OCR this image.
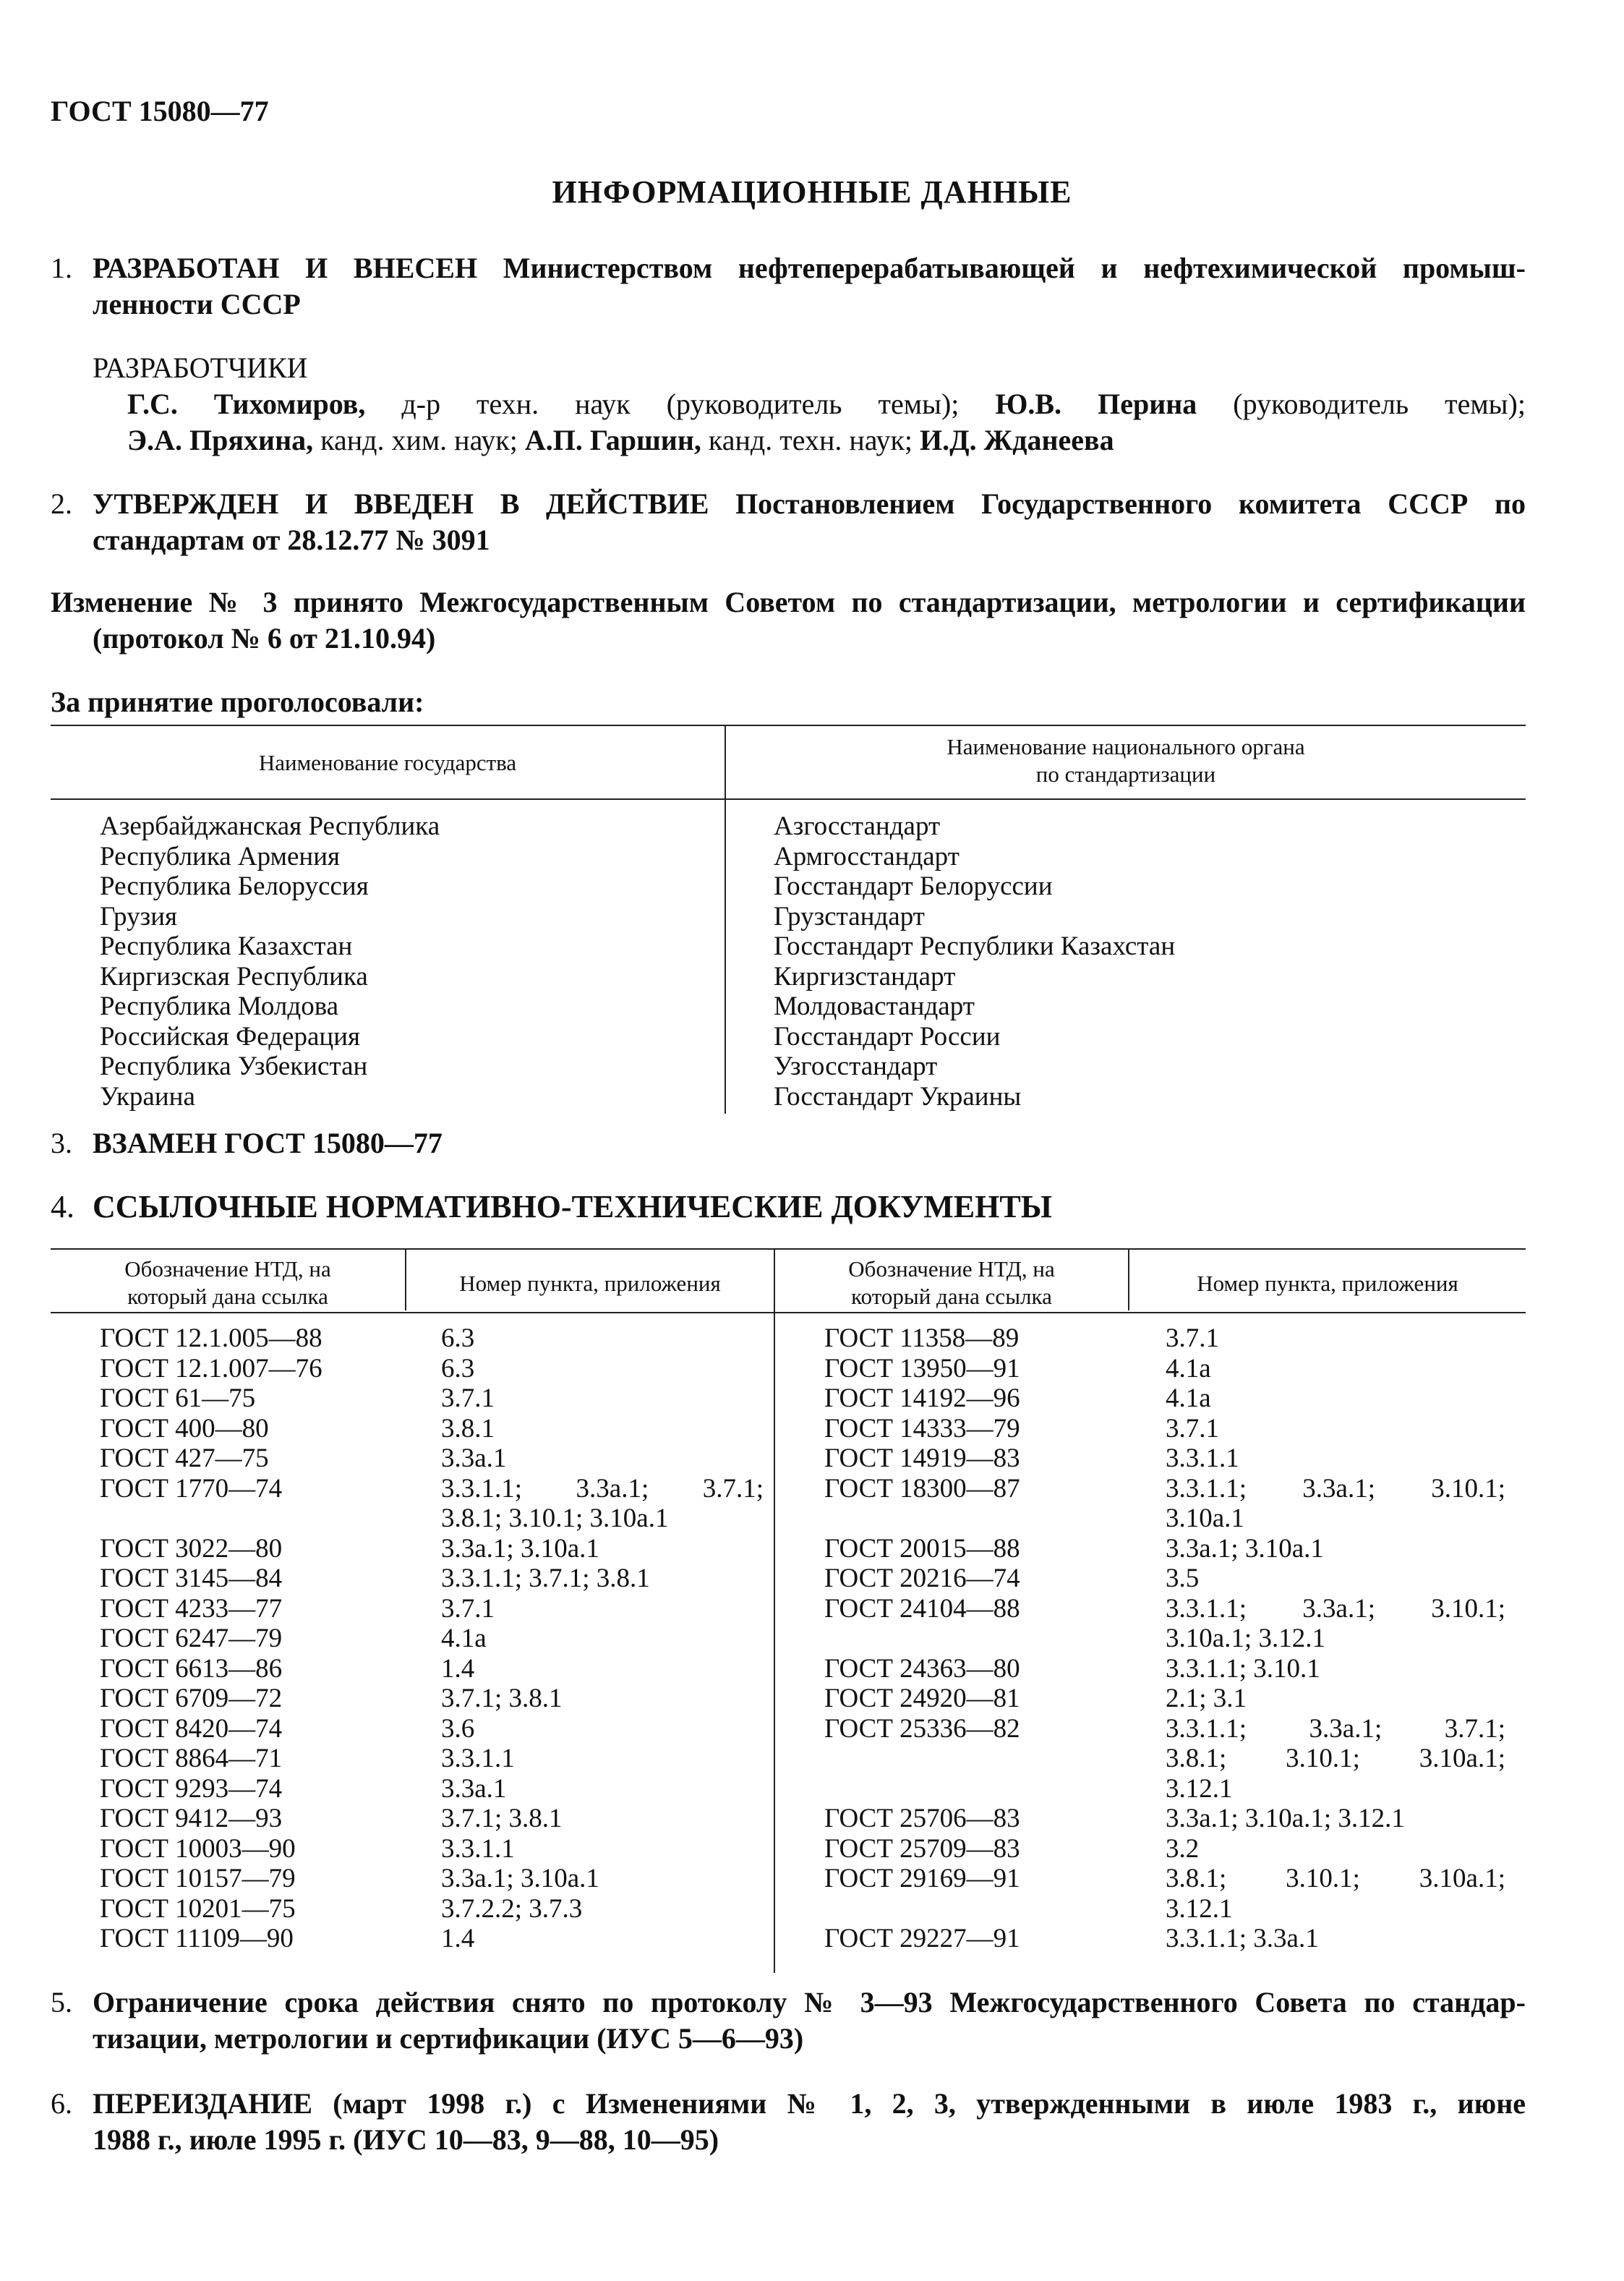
ГОСТ 15080—77
ИНФОРМАЦИОННЫЕ ДАННЫЕ
1. РАЗРАБОТАН И ВНЕСЕН Министерством нефтеперерабатывающей и нефтехимической промыш-
ленности СССР
РАЗРАБОТЧИКИ
Г.С. Тихомиров, д-р техн. наук (руководитель темы); Ю.В. Перина (руководитель темы);
Э.А. Пряхина, канд. хим. наук; А.П. Гаршин, канд. техн. наук; И.Д. Жданеева
2. УТВЕРЖДЕН И ВВЕДЕН В ДЕЙСТВИЕ Постановлением Государственного комитета СССР по
стандартам от 28.12.77 № 3091
Изменение № 3 принято Межгосударственным Советом по стандартизации, метрологии и сертификации
(протокол № 6 от 21.10.94)
За принятие проголосовали:
Наименование государства
Наименование национального органа
по стандартизации
Азербайджанская Республика
Республика Армения
Республика Белоруссия
Грузия
Республика Казахстан
Киргизская Республика
Республика Молдова
Российская Федерация
Республика Узбекистан
Украина
Азгосстандарт
Армгосстандарт
Госстандарт Белоруссии
Грузстандарт
Госстандарт Республики Казахстан
Киргизстандарт
Молдовастандарт
Госстандарт России
Узгосстандарт
Госстандарт Украины
3. ВЗАМЕН ГОСТ 15080—77
4. ССЫЛОЧНЫЕ НОРМАТИВНО-ТЕХНИЧЕСКИЕ ДОКУМЕНТЫ
Обозначение НТД, на
который дана ссылка
Номер пункта, приложения
Обозначение НТД, на
который дана ссылка
Номер пункта, приложения
ГОСТ 12.1.005—88
ГОСТ 12.1.007—76
ГОСТ 61—75
ГОСТ 400—80
ГОСТ 427—75
ГОСТ 1770—74
ГОСТ 3022—80
ГОСТ 3145—84
ГОСТ 4233—77
ГОСТ 6247—79
ГОСТ 6613—86
ГОСТ 6709—72
ГОСТ 8420—74
ГОСТ 8864—71
ГОСТ 9293—74
ГОСТ 9412—93
ГОСТ 10003—90
ГОСТ 10157—79
ГОСТ 10201—75
ГОСТ 11109—90
6.3
6.3
3.7.1
3.8.1
3.3а.1
3.3.1.1; 3.3а.1; 3.7.1;
3.8.1; 3.10.1; 3.10а.1
3.3а.1; 3.10а.1
3.3.1.1; 3.7.1; 3.8.1
3.7.1
4.1а
1.4
3.7.1; 3.8.1
3.6
3.3.1.1
3.3а.1
3.7.1; 3.8.1
3.3.1.1
3.3а.1; 3.10а.1
3.7.2.2; 3.7.3
1.4
ГОСТ 11358—89
ГОСТ 13950—91
ГОСТ 14192—96
ГОСТ 14333—79
ГОСТ 14919—83
ГОСТ 18300—87
ГОСТ 20015—88
ГОСТ 20216—74
ГОСТ 24104—88
ГОСТ 24363—80
ГОСТ 24920—81
ГОСТ 25336—82
ГОСТ 25706—83
ГОСТ 25709—83
ГОСТ 29169—91
ГОСТ 29227—91
3.7.1
4.1а
4.1а
3.7.1
3.3.1.1
3.3.1.1; 3.3а.1; 3.10.1;
3.10а.1
3.3а.1; 3.10а.1
3.5
3.3.1.1; 3.3а.1; 3.10.1;
3.10а.1; 3.12.1
3.3.1.1; 3.10.1
2.1; 3.1
3.3.1.1; 3.3а.1; 3.7.1;
3.8.1; 3.10.1; 3.10а.1;
3.12.1
3.3а.1; 3.10а.1; 3.12.1
3.2
3.8.1; 3.10.1; 3.10а.1;
3.12.1
3.3.1.1; 3.3а.1
5. Ограничение срока действия снято по протоколу № 3—93 Межгосударственного Совета по стандар-
тизации, метрологии и сертификации (ИУС 5—6—93)
6. ПЕРЕИЗДАНИЕ (март 1998 г.) с Изменениями № 1, 2, 3, утвержденными в июле 1983 г., июне
1988 г., июле 1995 г. (ИУС 10—83, 9—88, 10—95)
